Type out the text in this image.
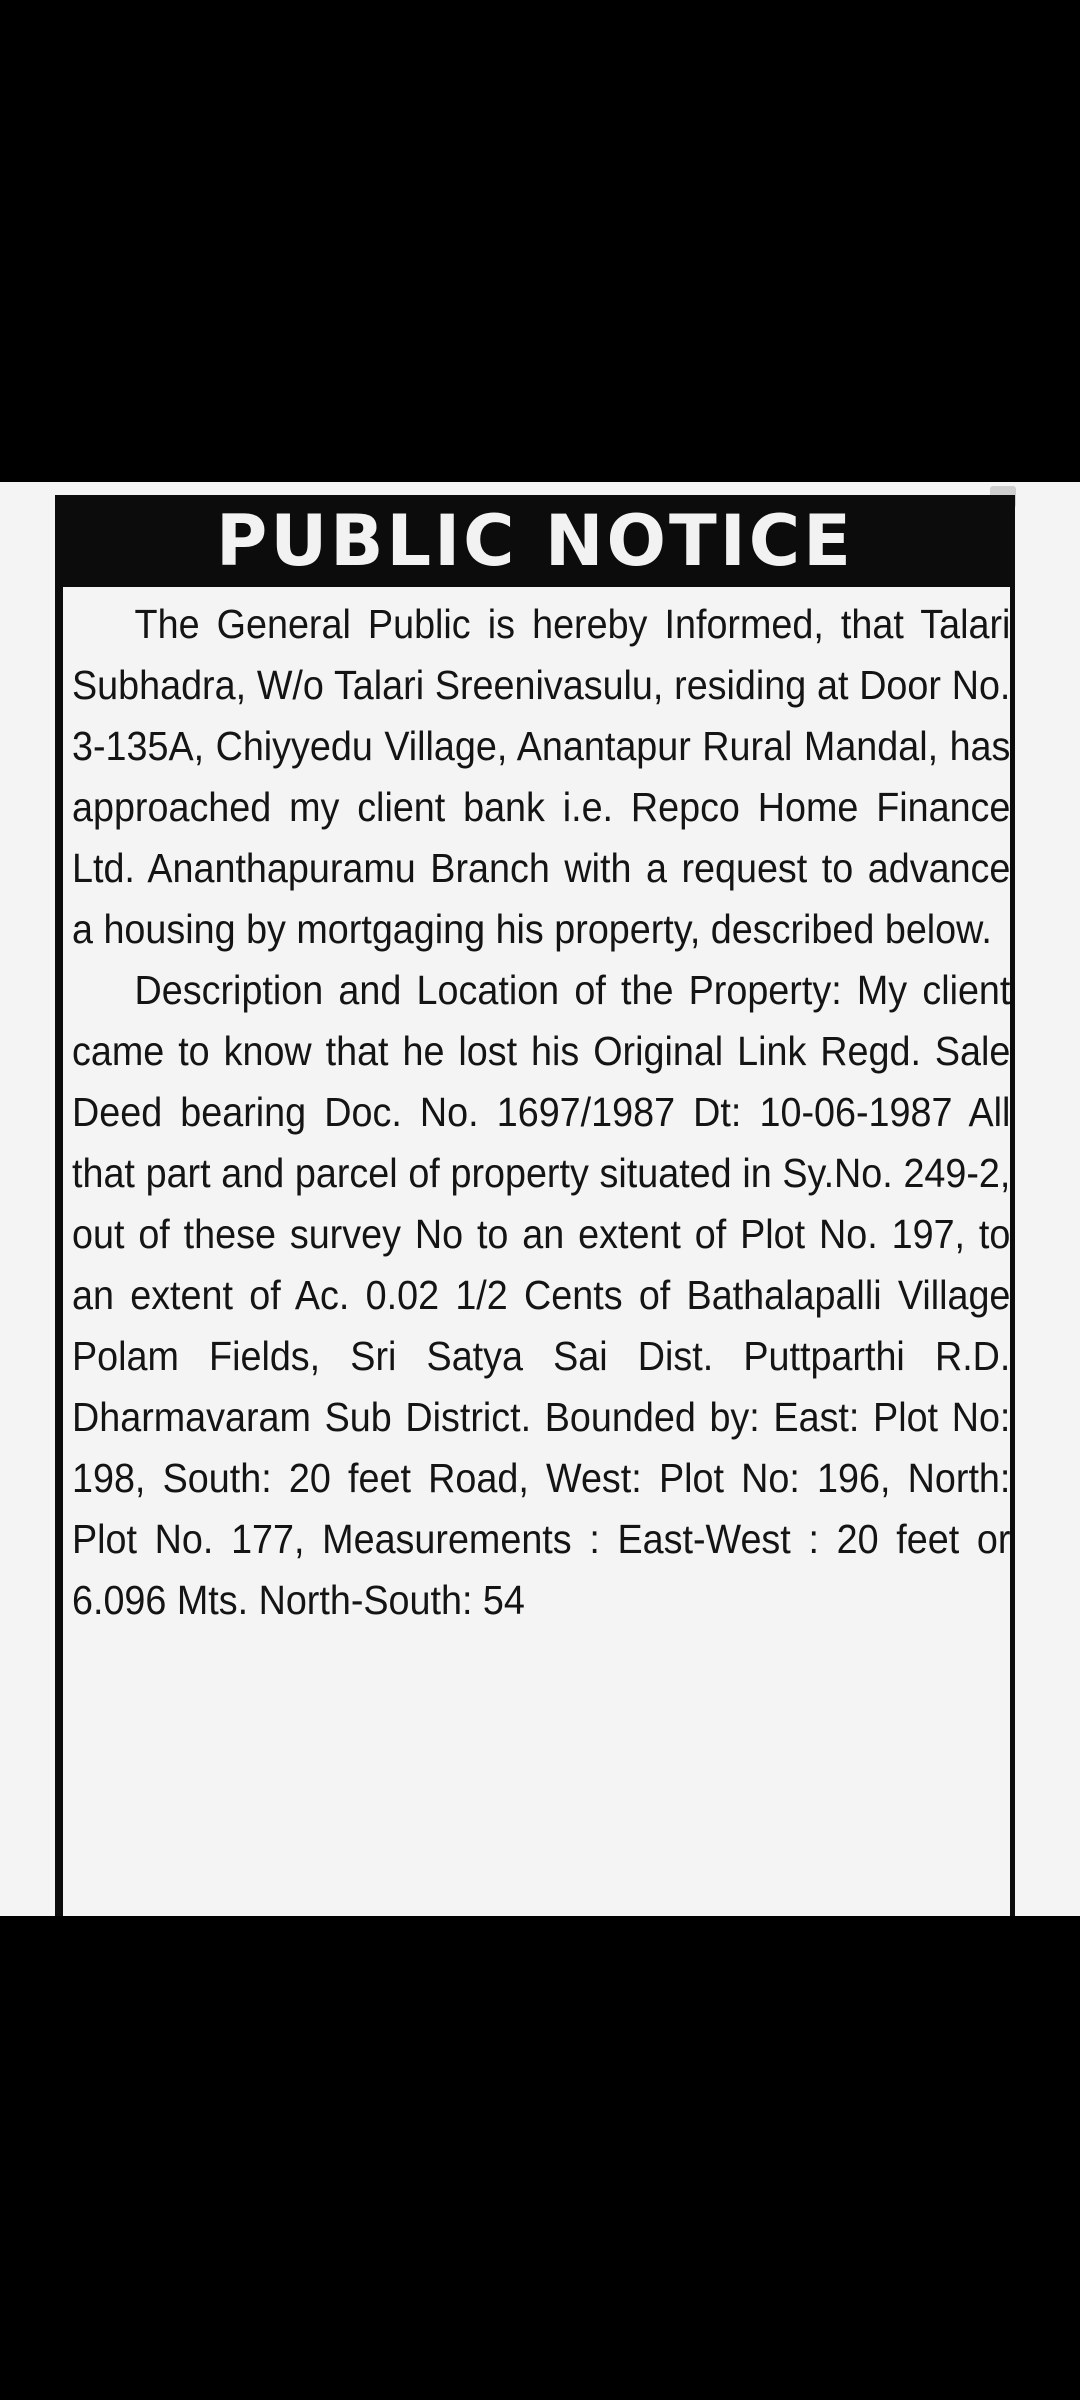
PUBLIC NOTICE

The General Public is hereby Informed, that Talari Subhadra, W/o Talari Sreenivasulu, residing at Door No. 3-135A, Chiyyedu Village, Anantapur Rural Mandal, has approached my client bank i.e. Repco Home Finance Ltd. Ananthapuramu Branch with a request to advance a housing by mortgaging his property, described below.

Description and Location of the Property: My client came to know that he lost his Original Link Regd. Sale Deed bearing Doc. No. 1697/1987 Dt: 10-06-1987 All that part and parcel of property situated in Sy.No. 249-2, out of these survey No to an extent of Plot No. 197, to an extent of Ac. 0.02 1/2 Cents of Bathalapalli Village Polam Fields, Sri Satya Sai Dist. Puttparthi R.D. Dharmavaram Sub District. Bounded by: East: Plot No: 198, South: 20 feet Road, West: Plot No: 196, North: Plot No. 177, Measurements : East-West : 20 feet or 6.096 Mts. North-South: 54
